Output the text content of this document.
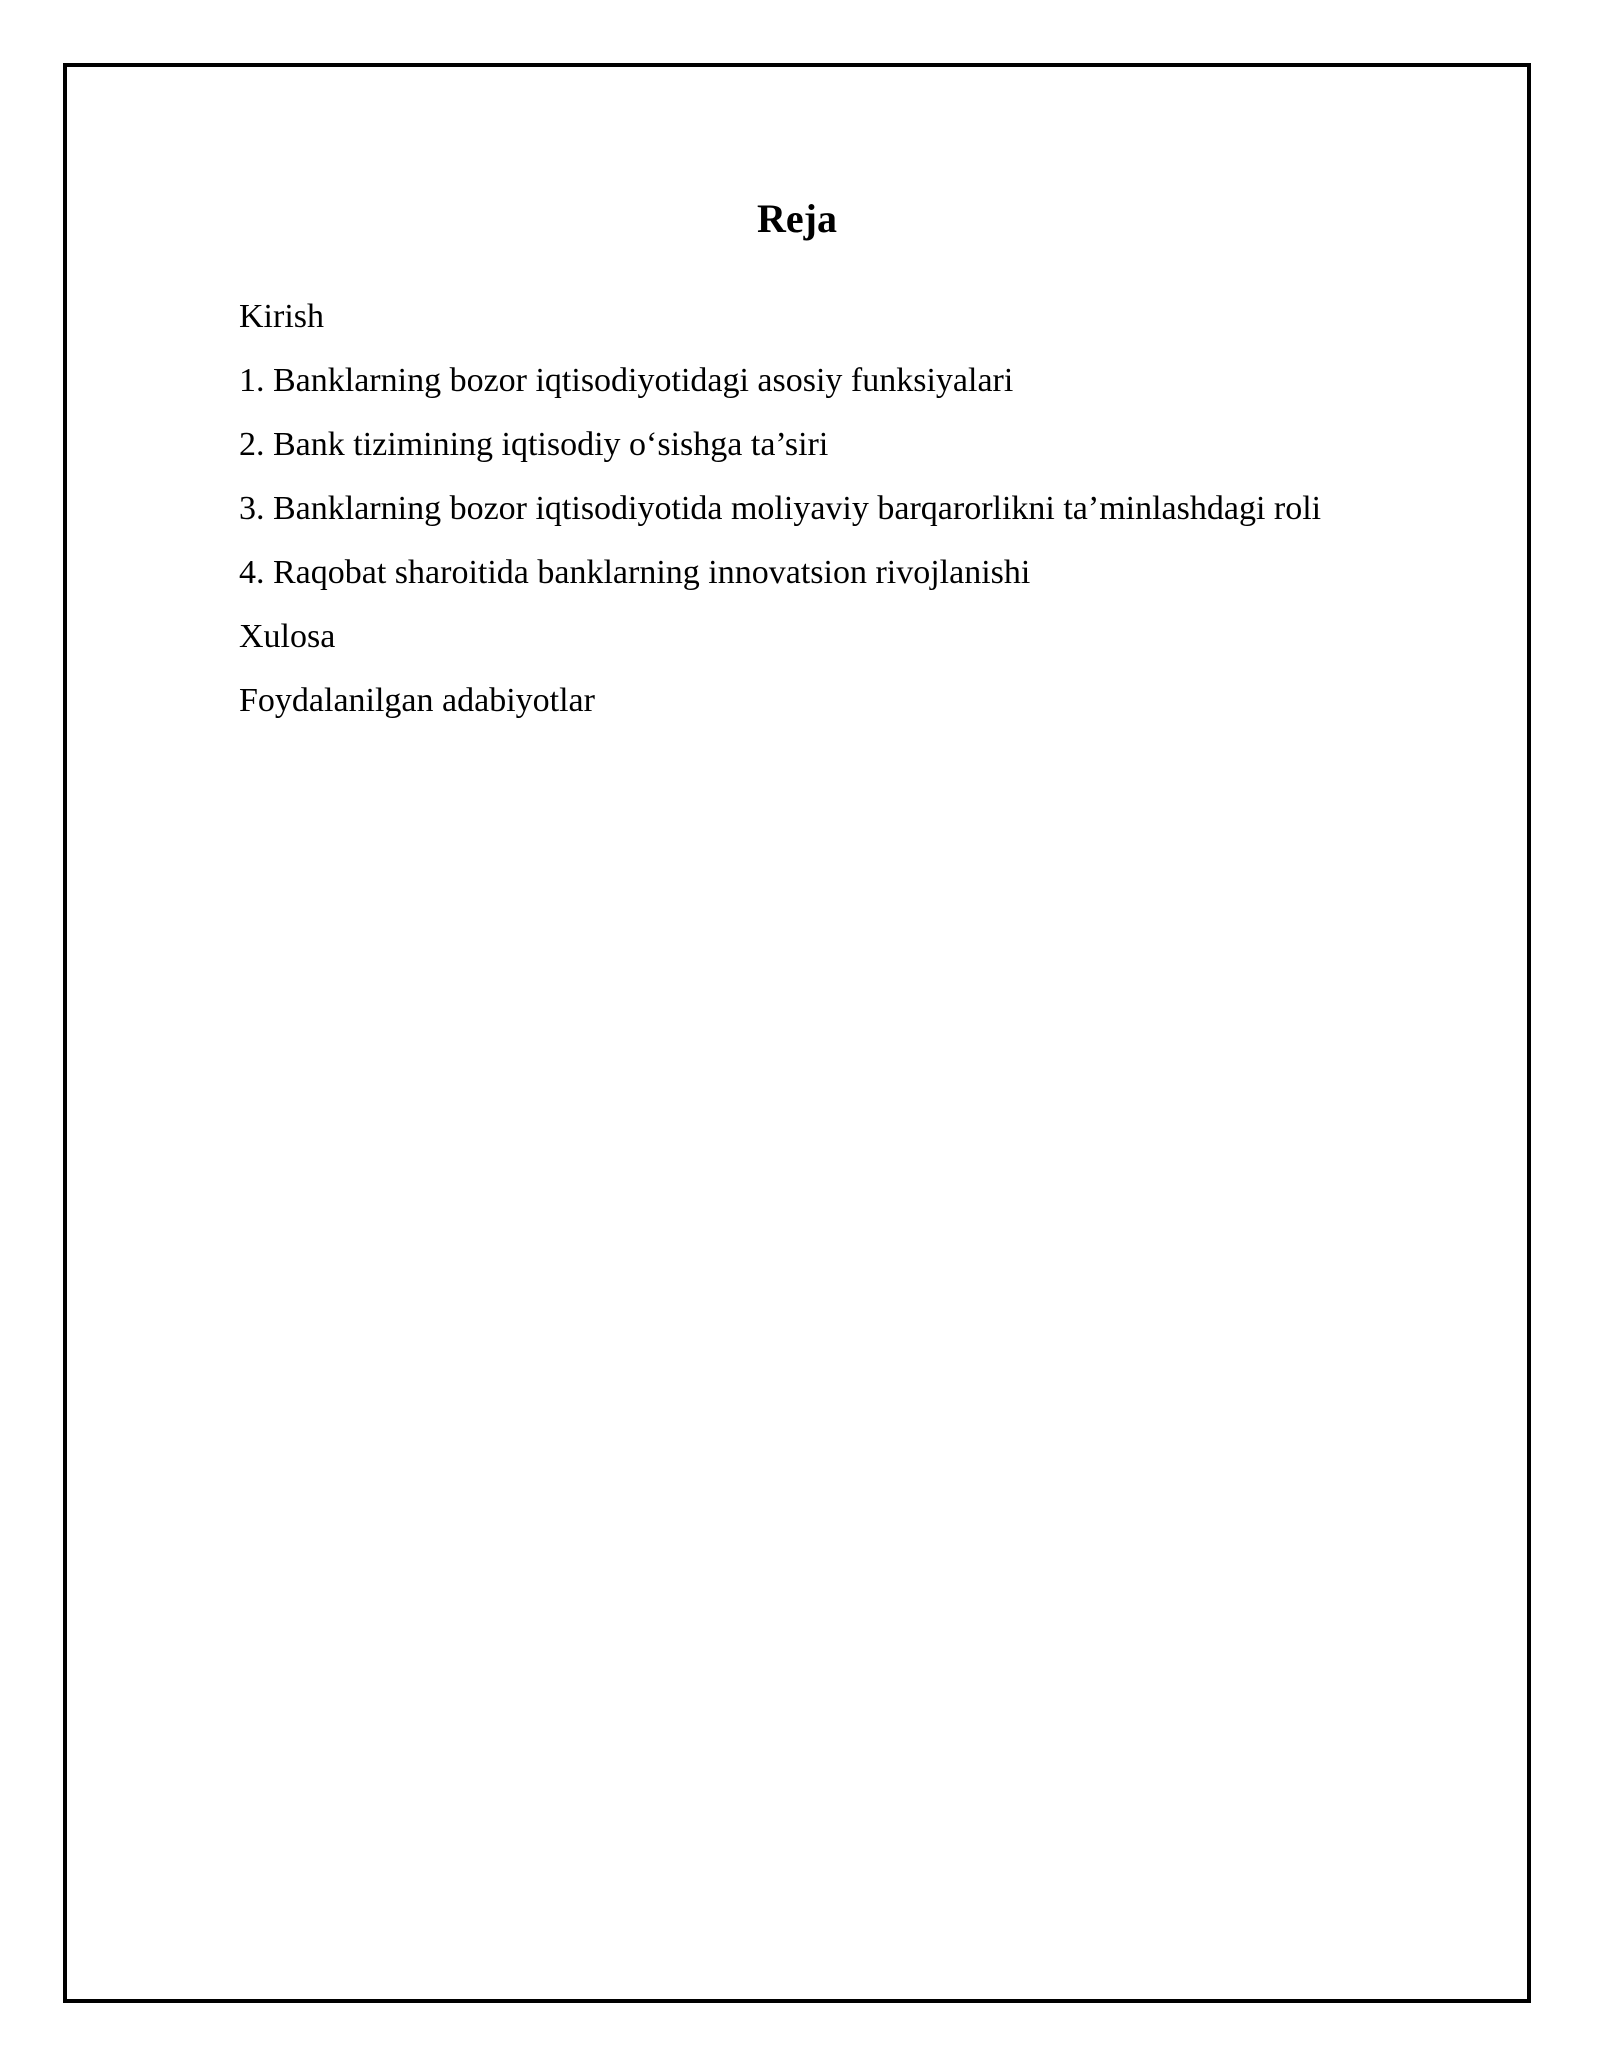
Reja
Kirish
1. Banklarning bozor iqtisodiyotidagi asosiy funksiyalari
2. Bank tizimining iqtisodiy o‘sishga ta’siri
3. Banklarning bozor iqtisodiyotida moliyaviy barqarorlikni ta’minlashdagi roli
4. Raqobat sharoitida banklarning innovatsion rivojlanishi
Xulosa
Foydalanilgan adabiyotlar
